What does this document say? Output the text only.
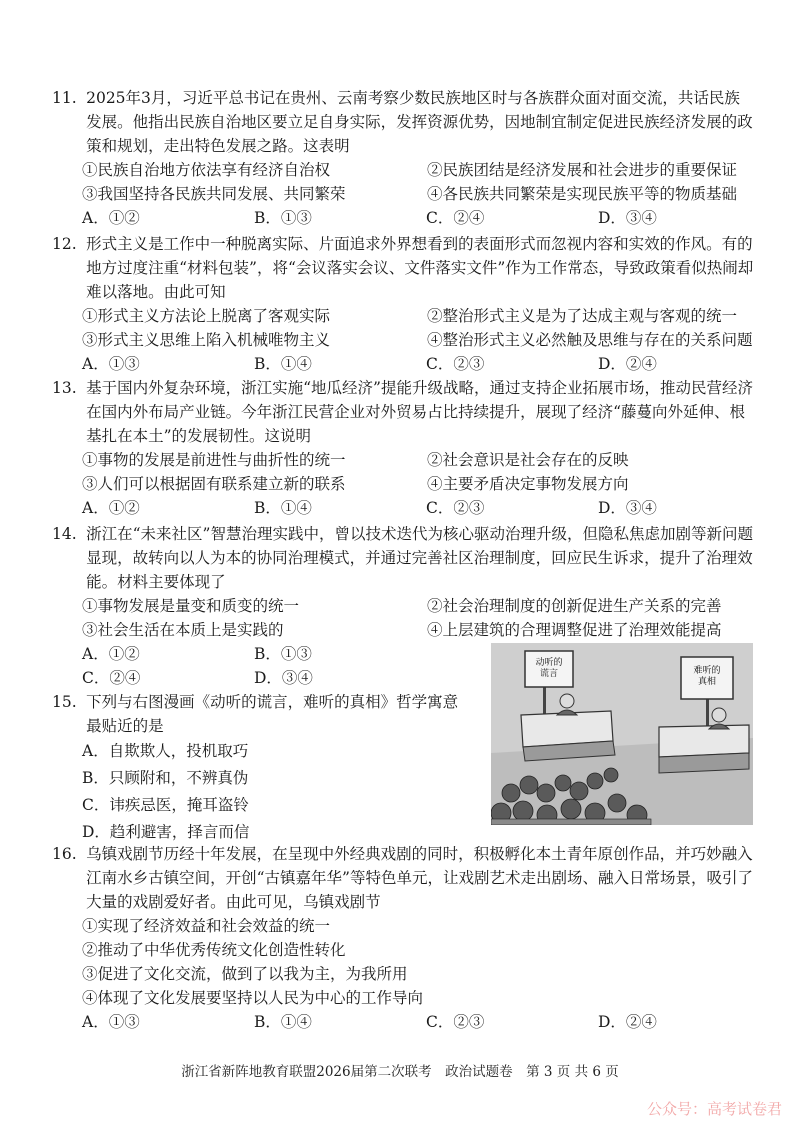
11. 2025年3月，习近平总书记在贵州、云南考察少数民族地区时与各族群众面对面交流，共话民族发展。他指出民族自治地区要立足自身实际，发挥资源优势，因地制宜制定促进民族经济发展的政策和规划，走出特色发展之路。这表明

①民族自治地方依法享有经济自治权	②民族团结是经济发展和社会进步的重要保证
③我国坚持各民族共同发展、共同繁荣	④各民族共同繁荣是实现民族平等的物质基础
A．①②	B．①③	C．②④	D．③④

12. 形式主义是工作中一种脱离实际、片面追求外界想看到的表面形式而忽视内容和实效的作风。有的地方过度注重“材料包装”，将“会议落实会议、文件落实文件”作为工作常态，导致政策看似热闹却难以落地。由此可知

①形式主义方法论上脱离了客观实际	②整治形式主义是为了达成主观与客观的统一
③形式主义思维上陷入机械唯物主义	④整治形式主义必然触及思维与存在的关系问题
A．①③	B．①④	C．②③	D．②④

13. 基于国内外复杂环境，浙江实施“地瓜经济”提能升级战略，通过支持企业拓展市场，推动民营经济在国内外布局产业链。今年浙江民营企业对外贸易占比持续提升，展现了经济“藤蔓向外延伸、根基扎在本土”的发展韧性。这说明

①事物的发展是前进性与曲折性的统一	②社会意识是社会存在的反映
③人们可以根据固有联系建立新的联系	④主要矛盾决定事物发展方向
A．①②	B．①④	C．②③	D．③④

14. 浙江在“未来社区”智慧治理实践中，曾以技术迭代为核心驱动治理升级，但隐私焦虑加剧等新问题显现，故转向以人为本的协同治理模式，并通过完善社区治理制度，回应民生诉求，提升了治理效能。材料主要体现了

①事物发展是量变和质变的统一	②社会治理制度的创新促进生产关系的完善
③社会生活在本质上是实践的	④上层建筑的合理调整促进了治理效能提高
A．①②	B．①③
C．②④	D．③④

15. 下列与右图漫画《动听的谎言，难听的真相》哲学寓意
最贴近的是

A．自欺欺人，投机取巧
B．只顾附和，不辨真伪
C．讳疾忌医，掩耳盗铃
D．趋利避害，择言而信
动听的谎言	难听的真相

16. 乌镇戏剧节历经十年发展，在呈现中外经典戏剧的同时，积极孵化本土青年原创作品，并巧妙融入江南水乡古镇空间，开创“古镇嘉年华”等特色单元，让戏剧艺术走出剧场、融入日常场景，吸引了大量的戏剧爱好者。由此可见，乌镇戏剧节

①实现了经济效益和社会效益的统一
②推动了中华优秀传统文化创造性转化
③促进了文化交流，做到了以我为主，为我所用
④体现了文化发展要坚持以人民为中心的工作导向
A．①③	B．①④	C．②③	D．②④
浙江省新阵地教育联盟2026届第二次联考　政治试题卷　第 3 页 共 6 页
公众号：高考试卷君
